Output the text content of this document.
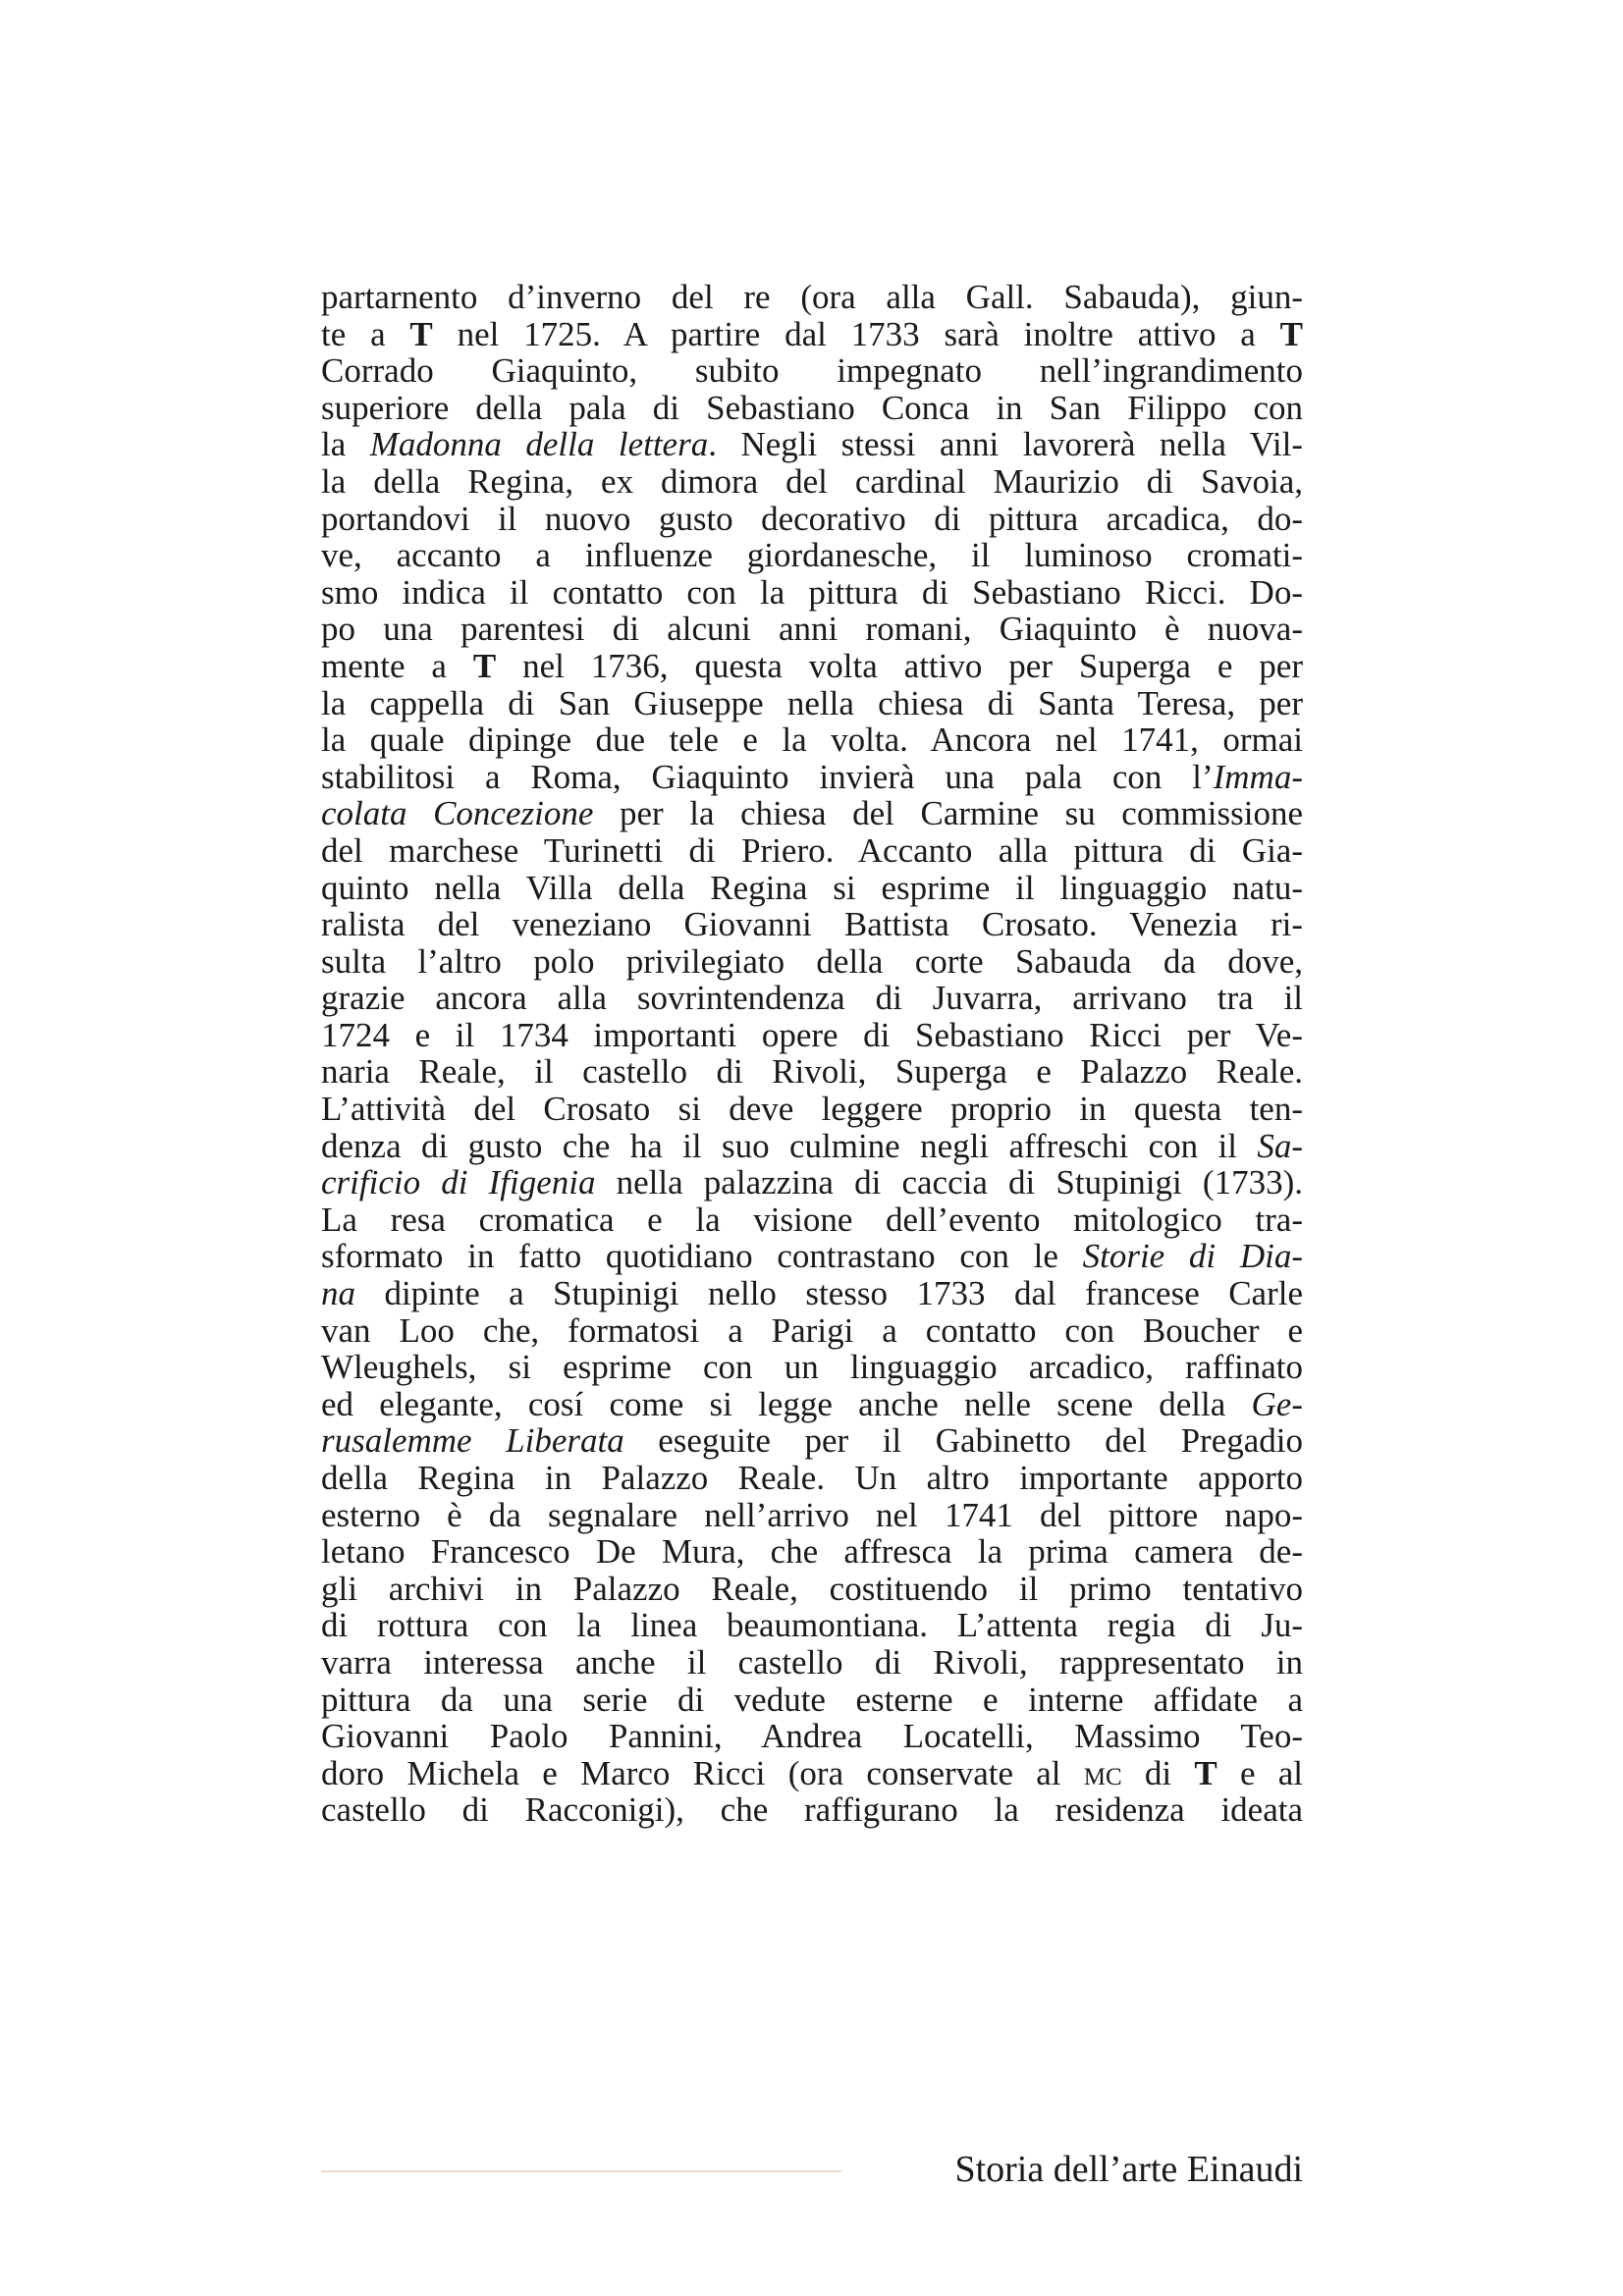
partarnento d’inverno del re (ora alla Gall. Sabauda), giun-
te a T nel 1725. A partire dal 1733 sarà inoltre attivo a T
Corrado Giaquinto, subito impegnato nell’ingrandimento
superiore della pala di Sebastiano Conca in San Filippo con
la Madonna della lettera. Negli stessi anni lavorerà nella Vil-
la della Regina, ex dimora del cardinal Maurizio di Savoia,
portandovi il nuovo gusto decorativo di pittura arcadica, do-
ve, accanto a influenze giordanesche, il luminoso cromati-
smo indica il contatto con la pittura di Sebastiano Ricci. Do-
po una parentesi di alcuni anni romani, Giaquinto è nuova-
mente a T nel 1736, questa volta attivo per Superga e per
la cappella di San Giuseppe nella chiesa di Santa Teresa, per
la quale dipinge due tele e la volta. Ancora nel 1741, ormai
stabilitosi a Roma, Giaquinto invierà una pala con l’Imma-
colata Concezione per la chiesa del Carmine su commissione
del marchese Turinetti di Priero. Accanto alla pittura di Gia-
quinto nella Villa della Regina si esprime il linguaggio natu-
ralista del veneziano Giovanni Battista Crosato. Venezia ri-
sulta l’altro polo privilegiato della corte Sabauda da dove,
grazie ancora alla sovrintendenza di Juvarra, arrivano tra il
1724 e il 1734 importanti opere di Sebastiano Ricci per Ve-
naria Reale, il castello di Rivoli, Superga e Palazzo Reale.
L’attività del Crosato si deve leggere proprio in questa ten-
denza di gusto che ha il suo culmine negli affreschi con il Sa-
crificio di Ifigenia nella palazzina di caccia di Stupinigi (1733).
La resa cromatica e la visione dell’evento mitologico tra-
sformato in fatto quotidiano contrastano con le Storie di Dia-
na dipinte a Stupinigi nello stesso 1733 dal francese Carle
van Loo che, formatosi a Parigi a contatto con Boucher e
Wleughels, si esprime con un linguaggio arcadico, raffinato
ed elegante, cosí come si legge anche nelle scene della Ge-
rusalemme Liberata eseguite per il Gabinetto del Pregadio
della Regina in Palazzo Reale. Un altro importante apporto
esterno è da segnalare nell’arrivo nel 1741 del pittore napo-
letano Francesco De Mura, che affresca la prima camera de-
gli archivi in Palazzo Reale, costituendo il primo tentativo
di rottura con la linea beaumontiana. L’attenta regia di Ju-
varra interessa anche il castello di Rivoli, rappresentato in
pittura da una serie di vedute esterne e interne affidate a
Giovanni Paolo Pannini, Andrea Locatelli, Massimo Teo-
doro Michela e Marco Ricci (ora conservate al mc di T e al
castello di Racconigi), che raffigurano la residenza ideata
Storia dell’arte Einaudi
